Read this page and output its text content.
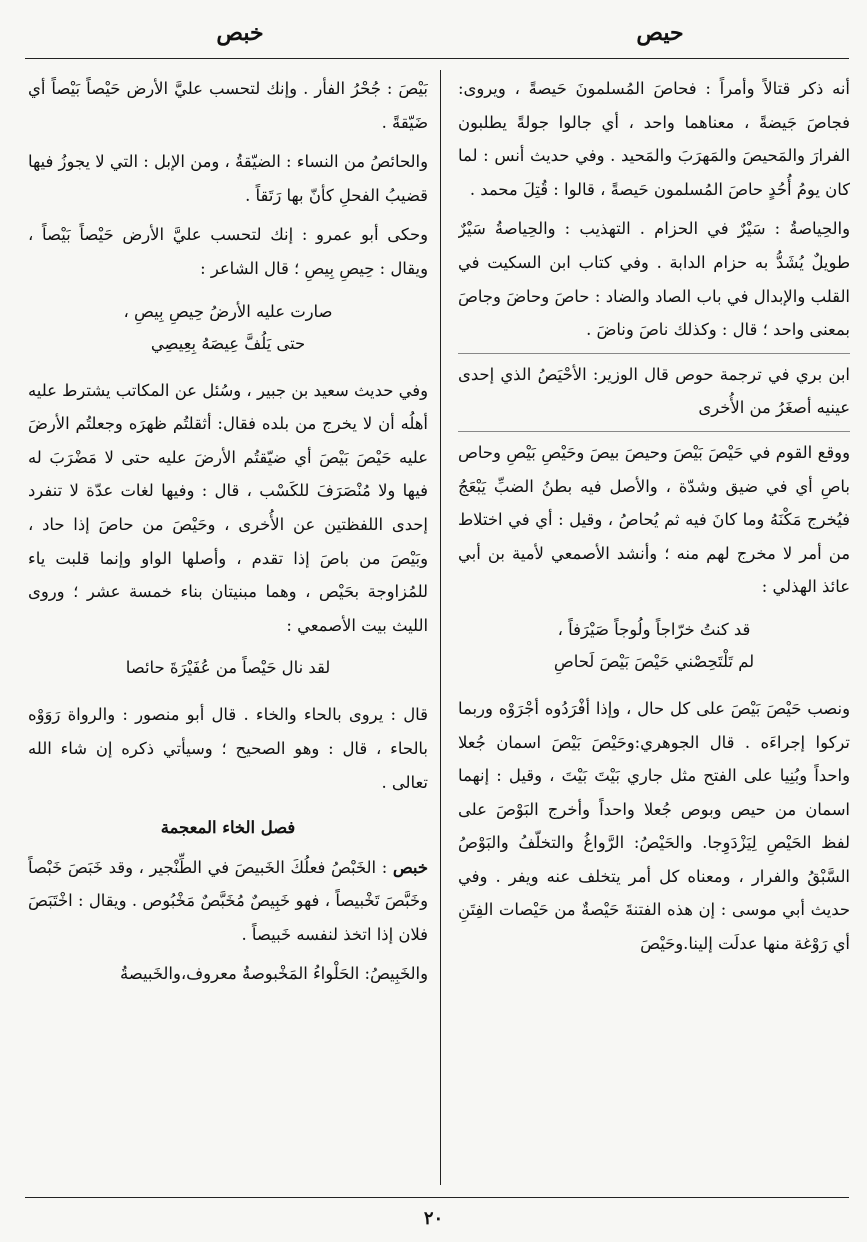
حيص
خبص

أنه ذكر قتالاً وأمراً : فحاصَ المُسلمونَ حَيصةً ، ويروى: فجاصَ جَيضةً ، معناهما واحد ، أي جالوا جولةً يطلبون الفرارَ والمَحيصَ والمَهرَبَ والمَحيد . وفي حديث أنس : لما كان يومُ أُحُدٍ حاصَ المُسلمون حَيصةً ، قالوا : قُتِلَ محمد .

والحِياصةُ : سَيْرٌ في الحزام . التهذيب : والحِياصةُ سَيْرٌ طويلٌ يُشَدُّ به حزام الدابة . وفي كتاب ابن السكيت في القلب والإبدال في باب الصاد والضاد : حاصَ وحاضَ وجاصَ بمعنى واحد ؛ قال : وكذلك ناصَ وناضَ .

ابن بري في ترجمة حوص قال الوزير: الأحْيَصُ الذي إحدى عينيه أصغَرُ من الأُخرى

ووقع القوم في حَيْصَ بَيْصَ وحيصَ بيصَ وحَيْصِ بَيْصِ وحاص باصِ أي في ضيق وشدّة ، والأصل فيه بطنُ الضبِّ يَبْعَجُ فيُخرج مَكْنَهُ وما كانَ فيه ثم يُحاصُ ، وقيل : أي في اختلاط من أمر لا مخرج لهم منه ؛ وأنشد الأصمعي لأمية بن أبي عائذ الهذلي :

قد كنتُ خرّاجاً ولُوجاً صَيْرَفاً ،
لم تَلْتَحِصْني حَيْصَ بَيْصَ لَحاصِ

ونصب حَيْصَ بَيْصَ على كل حال ، وإذا أفْرَدُوه أجْرَوْه وربما تركوا إجراءَه . قال الجوهري:وحَيْصَ بَيْصَ اسمان جُعلا واحداً وبُنِيا على الفتح مثل جاري بَيْتَ بَيْتَ ، وقيل : إنهما اسمان من حيص وبوص جُعلا واحداً وأخرج البَوْصَ على لفظ الحَيْصِ لِيَزْدَوِجا. والحَيْصُ: الرَّواغُ والتخلّفُ والبَوْصُ السَّبْقُ والفرار ، ومعناه كل أمر يتخلف عنه ويفر . وفي حديث أبي موسى : إن هذه الفتنةَ حَيْصةٌ من حَيْصات الفِتَنِ أي رَوْغة منها عدلَت إلينا.وحَيْصَ

بَيْصَ : جُحْرُ الفأر . وإنك لتحسب عليَّ الأرض حَيْصاً بَيْصاً أي ضَيّقةً .

والحائصُ من النساء : الضيّقةُ ، ومن الإبل : التي لا يجوزُ فيها قضيبُ الفحلِ كأنّ بها رَتَقاً .

وحكى أبو عمرو : إنك لتحسب عليَّ الأرض حَيْصاً بَيْصاً ، ويقال : حِيصِ بِيصِ ؛ قال الشاعر :

صارت عليه الأرضُ حِيصِ بِيصِ ،
حتى يَلُفَّ عِيصَهُ بِعِيصِي

وفي حديث سعيد بن جبير ، وسُئل عن المكاتب يشترط عليه أهلُه أن لا يخرج من بلده فقال: أثقلتُم ظهرَه وجعلتُم الأرضَ عليه حَيْصَ بَيْصَ أي ضيّقتُم الأرضَ عليه حتى لا مَضْرَبَ له فيها ولا مُنْصَرَفَ للكَسْب ، قال : وفيها لغات عدّة لا تنفرد إحدى اللفظتين عن الأُخرى ، وحَيْصَ من حاصَ إذا حاد ، وبَيْصَ من باصَ إذا تقدم ، وأصلها الواو وإنما قلبت ياء للمُزاوجة بحَيْص ، وهما مبنيتان بناء خمسة عشر ؛ وروى الليث بيت الأصمعي :

لقد نال حَيْصاً من عُفَيْرَةَ حائصا

قال : يروى بالحاء والخاء . قال أبو منصور : والرواة رَوَوْه بالحاء ، قال : وهو الصحيح ؛ وسيأتي ذكره إن شاء الله تعالى .

فصل الخاء المعجمة

خبص : الخَبْصُ فعلُكَ الخَبيصَ في الطِّنْجير ، وقد خَبَصَ خَبْصاً وخَبَّصَ تَخْبيصاً ، فهو خَبِيصٌ مُخَبَّصٌ مَخْبُوص . ويقال : اخْتَبَصَ فلان إذا اتخذ لنفسه خَبيصاً .

والخَبِيصُ: الحَلْواءُ المَخْبوصةُ معروف،والخَبيصةُ

٢٠
